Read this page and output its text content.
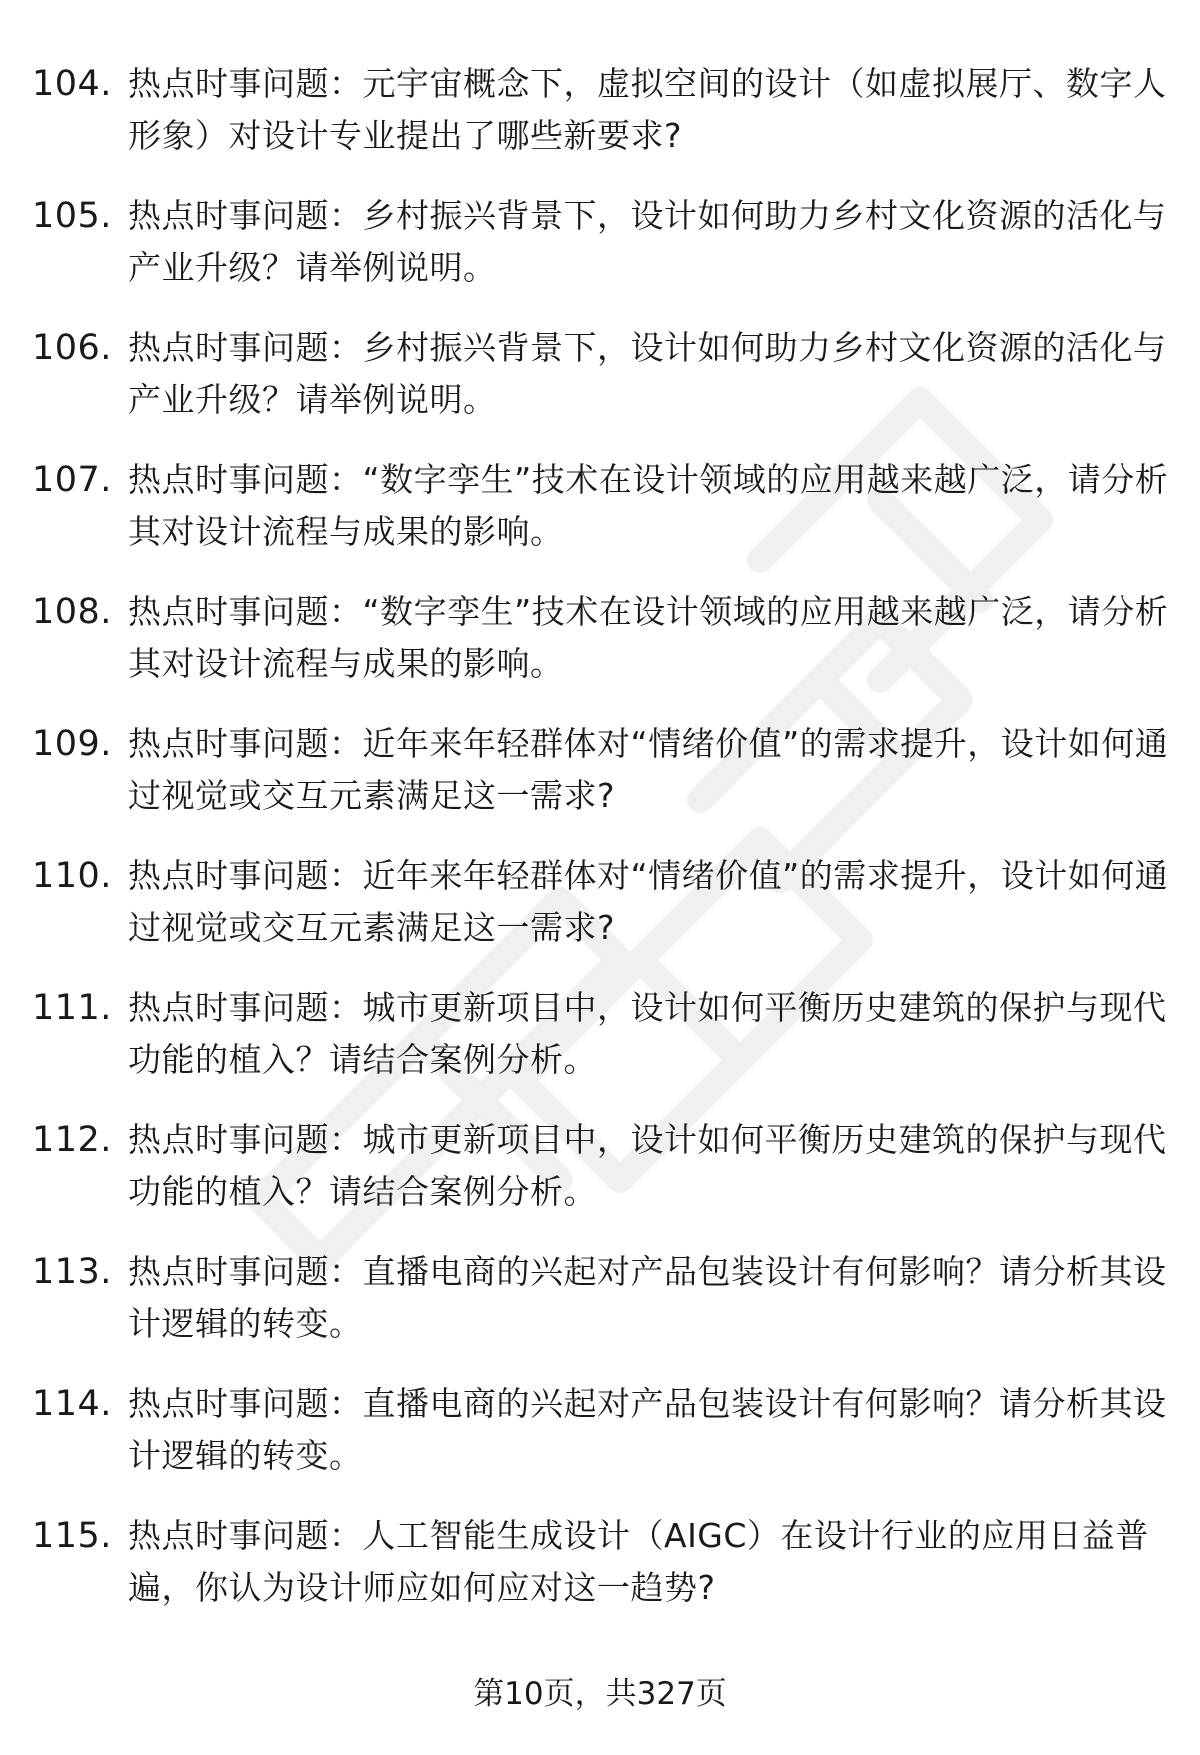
104. 热点时事问题：元宇宙概念下，虚拟空间的设计（如虚拟展厅、数字人形象）对设计专业提出了哪些新要求?
105. 热点时事问题：乡村振兴背景下，设计如何助力乡村文化资源的活化与产业升级？请举例说明。
106. 热点时事问题：乡村振兴背景下，设计如何助力乡村文化资源的活化与产业升级？请举例说明。
107. 热点时事问题：“数字孪生”技术在设计领域的应用越来越广泛，请分析其对设计流程与成果的影响。
108. 热点时事问题：“数字孪生”技术在设计领域的应用越来越广泛，请分析其对设计流程与成果的影响。
109. 热点时事问题：近年来年轻群体对“情绪价值”的需求提升，设计如何通过视觉或交互元素满足这一需求?
110. 热点时事问题：近年来年轻群体对“情绪价值”的需求提升，设计如何通过视觉或交互元素满足这一需求?
111. 热点时事问题：城市更新项目中，设计如何平衡历史建筑的保护与现代功能的植入？请结合案例分析。
112. 热点时事问题：城市更新项目中，设计如何平衡历史建筑的保护与现代功能的植入？请结合案例分析。
113. 热点时事问题：直播电商的兴起对产品包装设计有何影响？请分析其设计逻辑的转变。
114. 热点时事问题：直播电商的兴起对产品包装设计有何影响？请分析其设计逻辑的转变。
115. 热点时事问题：人工智能生成设计（AIGC）在设计行业的应用日益普遍，你认为设计师应如何应对这一趋势?
第10页，共327页
